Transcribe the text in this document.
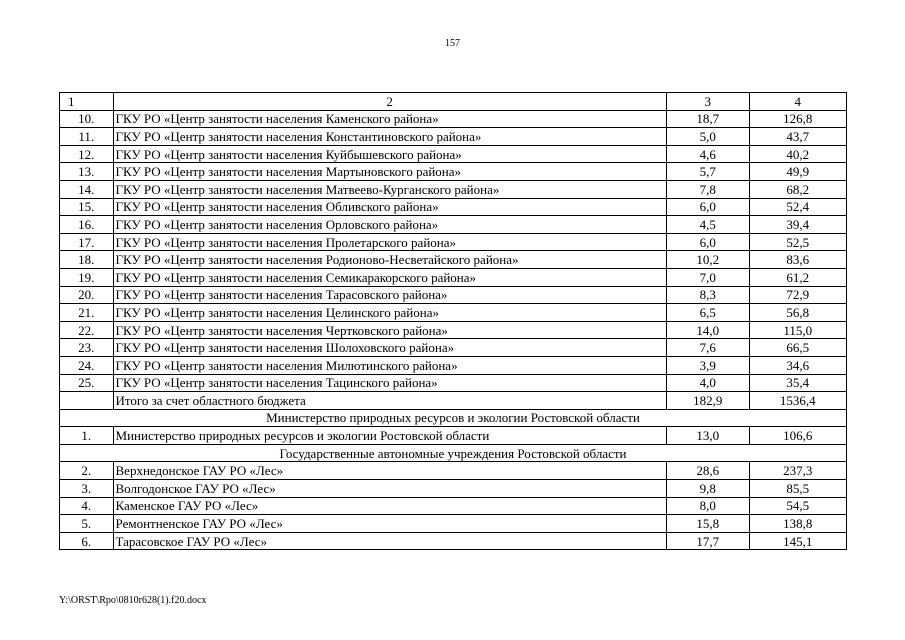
157
1	2	3	4
10.	ГКУ РО «Центр занятости населения Каменского района»	18,7	126,8
11.	ГКУ РО «Центр занятости населения Константиновского района»	5,0	43,7
12.	ГКУ РО «Центр занятости населения Куйбышевского района»	4,6	40,2
13.	ГКУ РО «Центр занятости населения Мартыновского района»	5,7	49,9
14.	ГКУ РО «Центр занятости населения Матвеево-Курганского района»	7,8	68,2
15.	ГКУ РО «Центр занятости населения Обливского района»	6,0	52,4
16.	ГКУ РО «Центр занятости населения Орловского района»	4,5	39,4
17.	ГКУ РО «Центр занятости населения Пролетарского района»	6,0	52,5
18.	ГКУ РО «Центр занятости населения Родионово-Несветайского района»	10,2	83,6
19.	ГКУ РО «Центр занятости населения Семикаракорского района»	7,0	61,2
20.	ГКУ РО «Центр занятости населения Тарасовского района»	8,3	72,9
21.	ГКУ РО «Центр занятости населения Целинского района»	6,5	56,8
22.	ГКУ РО «Центр занятости населения Чертковского района»	14,0	115,0
23.	ГКУ РО «Центр занятости населения Шолоховского района»	7,6	66,5
24.	ГКУ РО «Центр занятости населения Милютинского района»	3,9	34,6
25.	ГКУ РО «Центр занятости населения Тацинского района»	4,0	35,4
	Итого за счет областного бюджета	182,9	1536,4
Министерство природных ресурсов и экологии Ростовской области			
1.	Министерство природных ресурсов и экологии Ростовской области	13,0	106,6
Государственные автономные учреждения Ростовской области			
2.	Верхнедонское ГАУ РО «Лес»	28,6	237,3
3.	Волгодонское ГАУ РО «Лес»	9,8	85,5
4.	Каменское ГАУ РО «Лес»	8,0	54,5
5.	Ремонтненское ГАУ РО «Лес»	15,8	138,8
6.	Тарасовское ГАУ РО «Лес»	17,7	145,1
Y:\ORST\Rpo\0810r628(1).f20.docx
